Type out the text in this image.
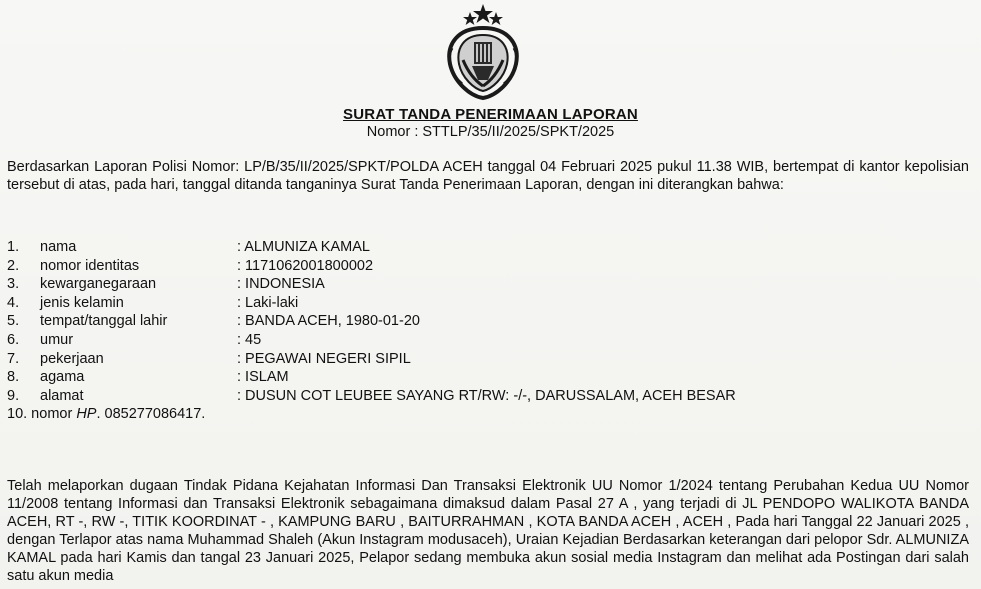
SURAT TANDA PENERIMAAN LAPORAN
Nomor : STTLP/35/II/2025/SPKT/2025
Berdasarkan Laporan Polisi Nomor: LP/B/35/II/2025/SPKT/POLDA ACEH tanggal 04 Februari 2025 pukul 11.38 WIB, bertempat di kantor kepolisian tersebut di atas, pada hari, tanggal ditanda tanganinya Surat Tanda Penerimaan Laporan, dengan ini diterangkan bahwa:
1. nama	: ALMUNIZA KAMAL
2. nomor identitas	: 1171062001800002
3. kewarganegaraan	: INDONESIA
4. jenis kelamin	: Laki-laki
5. tempat/tanggal lahir	: BANDA ACEH, 1980-01-20
6. umur	: 45
7. pekerjaan	: PEGAWAI NEGERI SIPIL
8. agama	: ISLAM
9. alamat	: DUSUN COT LEUBEE SAYANG RT/RW: -/-, DARUSSALAM, ACEH BESAR
10. nomor HP. 085277086417.
Telah melaporkan dugaan Tindak Pidana Kejahatan Informasi Dan Transaksi Elektronik UU Nomor 1/2024 tentang Perubahan Kedua UU Nomor 11/2008 tentang Informasi dan Transaksi Elektronik sebagaimana dimaksud dalam Pasal 27 A , yang terjadi di JL PENDOPO WALIKOTA BANDA ACEH, RT -, RW -, TITIK KOORDINAT - , KAMPUNG BARU , BAITURRAHMAN , KOTA BANDA ACEH , ACEH , Pada hari Tanggal 22 Januari 2025 , dengan Terlapor atas nama Muhammad Shaleh (Akun Instagram modusaceh), Uraian Kejadian Berdasarkan keterangan dari pelopor Sdr. ALMUNIZA KAMAL pada hari Kamis dan tangal 23 Januari 2025, Pelapor sedang membuka akun sosial media Instagram dan melihat ada Postingan dari salah satu akun media
